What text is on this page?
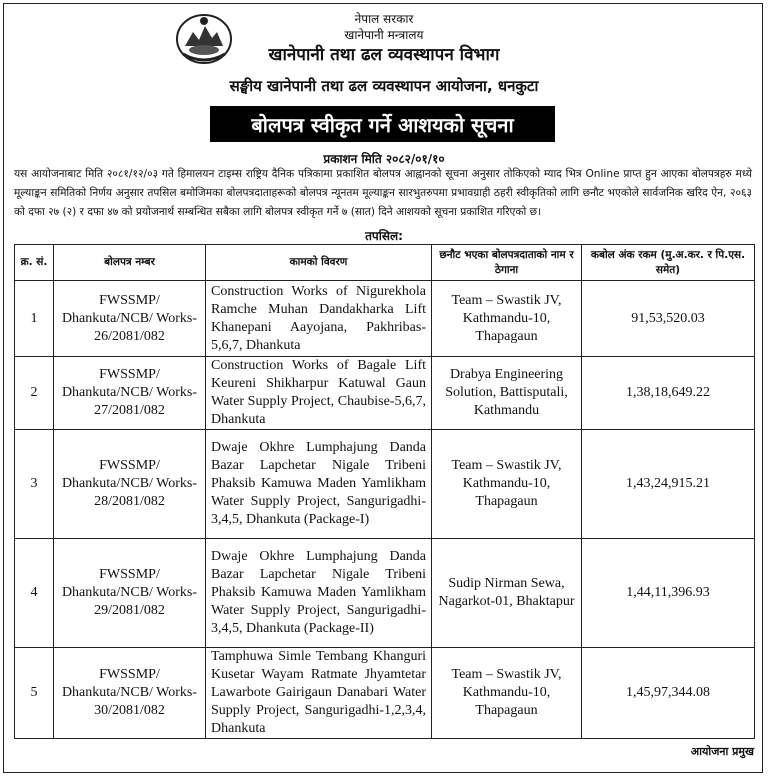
नेपाल सरकार
खानेपानी मन्त्रालय
खानेपानी तथा ढल व्यवस्थापन विभाग
सङ्घीय खानेपानी तथा ढल व्यवस्थापन आयोजना, धनकुटा
बोलपत्र स्वीकृत गर्ने आशयको सूचना
प्रकाशन मिति २०८२/०१/१०
यस आयोजनाबाट मिति २०८१/१२/०३ गते हिमालयन टाइम्स राष्ट्रिय दैनिक पत्रिकामा प्रकाशित बोलपत्र आह्वानको सूचना अनुसार तोकिएको म्याद भित्र Online प्राप्त हुन आएका बोलपत्रहरु मध्ये मूल्याङ्कन समितिको निर्णय अनुसार तपसिल बमोजिमका बोलपत्रदाताहरूको बोलपत्र न्यूनतम मूल्याङ्कन सारभुतरुपमा प्रभावग्राही ठहरी स्वीकृतिको लागि छनौट भएकोले सार्वजनिक खरिद ऐन, २०६३ को दफा २७ (२) र दफा ४७ को प्रयोजनार्थ सम्बन्धित सबैका लागि बोलपत्र स्वीकृत गर्ने ७ (सात) दिने आशयको सूचना प्रकाशित गरिएको छ।
तपसिल:
क्र. सं.	बोलपत्र नम्बर	कामको विवरण	छनौट भएका बोलपत्रदाताको नाम र ठेगाना	कबोल अंक रकम (मु.अ.कर. र पि.एस. समेत)
1	FWSSMP/ Dhankuta/NCB/ Works-26/2081/082	Construction Works of Nigurekhola Ramche Muhan Dandakharka Lift Khanepani Aayojana, Pakhribas-5,6,7, Dhankuta	Team – Swastik JV, Kathmandu-10, Thapagaun	91,53,520.03
2	FWSSMP/ Dhankuta/NCB/ Works-27/2081/082	Construction Works of Bagale Lift Keureni Shikharpur Katuwal Gaun Water Supply Project, Chaubise-5,6,7, Dhankuta	Drabya Engineering Solution, Battisputali, Kathmandu	1,38,18,649.22
3	FWSSMP/ Dhankuta/NCB/ Works-28/2081/082	Dwaje Okhre Lumphajung Danda Bazar Lapchetar Nigale Tribeni Phaksib Kamuwa Maden Yamlikham Water Supply Project, Sangurigadhi-3,4,5, Dhankuta (Package-I)	Team – Swastik JV, Kathmandu-10, Thapagaun	1,43,24,915.21
4	FWSSMP/ Dhankuta/NCB/ Works-29/2081/082	Dwaje Okhre Lumphajung Danda Bazar Lapchetar Nigale Tribeni Phaksib Kamuwa Maden Yamlikham Water Supply Project, Sangurigadhi-3,4,5, Dhankuta (Package-II)	Sudip Nirman Sewa, Nagarkot-01, Bhaktapur	1,44,11,396.93
5	FWSSMP/ Dhankuta/NCB/ Works-30/2081/082	Tamphuwa Simle Tembang Khanguri Kusetar Wayam Ratmate Jhyamtetar Lawarbote Gairigaun Danabari Water Supply Project, Sangurigadhi-1,2,3,4, Dhankuta	Team – Swastik JV, Kathmandu-10, Thapagaun	1,45,97,344.08
आयोजना प्रमुख
